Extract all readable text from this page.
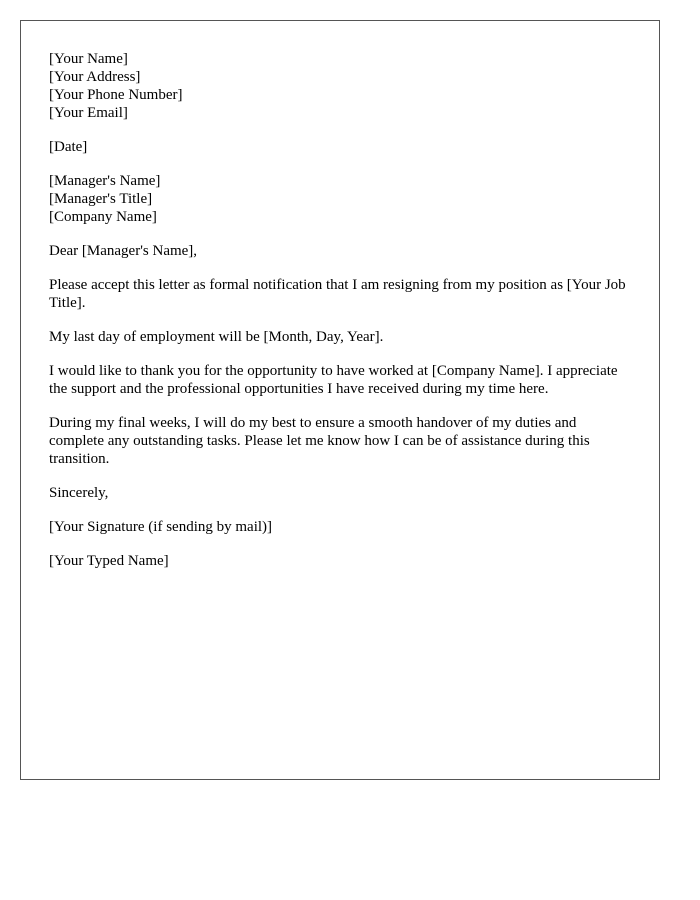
[Your Name]
[Your Address]
[Your Phone Number]
[Your Email]
[Date]
[Manager's Name]
[Manager's Title]
[Company Name]

Dear [Manager's Name],

Please accept this letter as formal notification that I am resigning from my position as [Your Job Title].

My last day of employment will be [Month, Day, Year].

I would like to thank you for the opportunity to have worked at [Company Name]. I appreciate the support and the professional opportunities I have received during my time here.

During my final weeks, I will do my best to ensure a smooth handover of my duties and complete any outstanding tasks. Please let me know how I can be of assistance during this transition.

Sincerely,

[Your Signature (if sending by mail)]

[Your Typed Name]
